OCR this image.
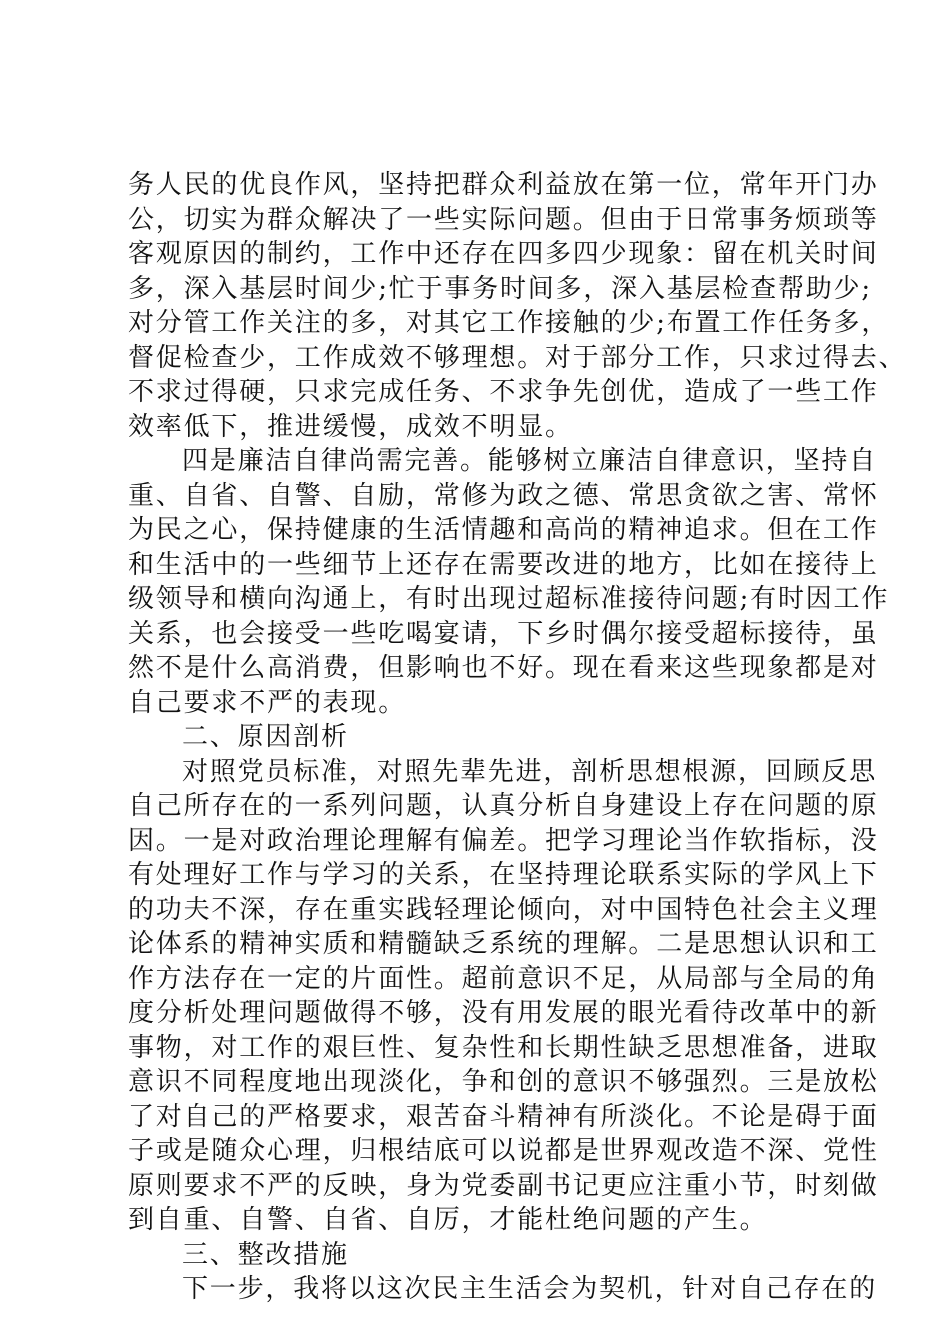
务人民的优良作风，坚持把群众利益放在第一位，常年开门办
公，切实为群众解决了一些实际问题。但由于日常事务烦琐等
客观原因的制约，工作中还存在四多四少现象：留在机关时间
多，深入基层时间少;忙于事务时间多，深入基层检查帮助少;
对分管工作关注的多，对其它工作接触的少;布置工作任务多，
督促检查少，工作成效不够理想。对于部分工作，只求过得去、
不求过得硬，只求完成任务、不求争先创优，造成了一些工作
效率低下，推进缓慢，成效不明显。
四是廉洁自律尚需完善。能够树立廉洁自律意识，坚持自
重、自省、自警、自励，常修为政之德、常思贪欲之害、常怀
为民之心，保持健康的生活情趣和高尚的精神追求。但在工作
和生活中的一些细节上还存在需要改进的地方，比如在接待上
级领导和横向沟通上，有时出现过超标准接待问题;有时因工作
关系，也会接受一些吃喝宴请，下乡时偶尔接受超标接待，虽
然不是什么高消费，但影响也不好。现在看来这些现象都是对
自己要求不严的表现。
二、原因剖析
对照党员标准，对照先辈先进，剖析思想根源，回顾反思
自己所存在的一系列问题，认真分析自身建设上存在问题的原
因。一是对政治理论理解有偏差。把学习理论当作软指标，没
有处理好工作与学习的关系，在坚持理论联系实际的学风上下
的功夫不深，存在重实践轻理论倾向，对中国特色社会主义理
论体系的精神实质和精髓缺乏系统的理解。二是思想认识和工
作方法存在一定的片面性。超前意识不足，从局部与全局的角
度分析处理问题做得不够，没有用发展的眼光看待改革中的新
事物，对工作的艰巨性、复杂性和长期性缺乏思想准备，进取
意识不同程度地出现淡化，争和创的意识不够强烈。三是放松
了对自己的严格要求，艰苦奋斗精神有所淡化。不论是碍于面
子或是随众心理，归根结底可以说都是世界观改造不深、党性
原则要求不严的反映，身为党委副书记更应注重小节，时刻做
到自重、自警、自省、自厉，才能杜绝问题的产生。
三、整改措施
下一步，我将以这次民主生活会为契机，针对自己存在的
